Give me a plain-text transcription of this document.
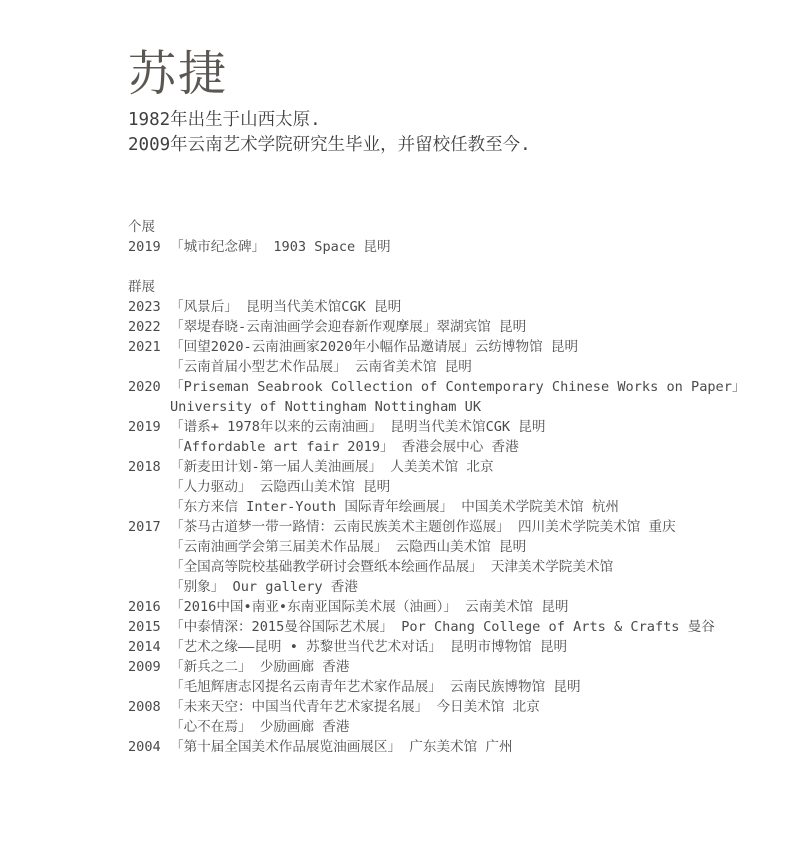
苏捷
1982年出生于山西太原.
2009年云南艺术学院研究生毕业，并留校任教至今.
个展
2019 「城市纪念碑」 1903 Space 昆明
群展
2023 「风景后」 昆明当代美术馆CGK 昆明
2022 「翠堤春晓-云南油画学会迎春新作观摩展」翠湖宾馆 昆明
2021 「回望2020-云南油画家2020年小幅作品邀请展」云纺博物馆 昆明
「云南首届小型艺术作品展」 云南省美术馆 昆明
2020 「Priseman Seabrook Collection of Contemporary Chinese Works on Paper」 University of Nottingham Nottingham UK
2019 「谱系+ 1978年以来的云南油画」 昆明当代美术馆CGK 昆明
「Affordable art fair 2019」 香港会展中心 香港
2018 「新麦田计划-第一届人美油画展」 人美美术馆 北京
「人力驱动」 云隐西山美术馆 昆明
「东方来信 Inter-Youth 国际青年绘画展」 中国美术学院美术馆 杭州
2017 「茶马古道梦一带一路情：云南民族美术主题创作巡展」 四川美术学院美术馆 重庆
「云南油画学会第三届美术作品展」 云隐西山美术馆 昆明
「全国高等院校基础教学研讨会暨纸本绘画作品展」 天津美术学院美术馆
「别象」 Our gallery 香港
2016 「2016中国•南亚•东南亚国际美术展（油画）」 云南美术馆 昆明
2015 「中泰情深：2015曼谷国际艺术展」 Por Chang College of Arts & Crafts 曼谷
2014 「艺术之缘——昆明 • 苏黎世当代艺术对话」 昆明市博物馆 昆明
2009 「新兵之二」 少励画廊 香港
「毛旭辉唐志冈提名云南青年艺术家作品展」 云南民族博物馆 昆明
2008 「未来天空：中国当代青年艺术家提名展」 今日美术馆 北京
「心不在焉」 少励画廊 香港
2004 「第十届全国美术作品展览油画展区」 广东美术馆 广州
